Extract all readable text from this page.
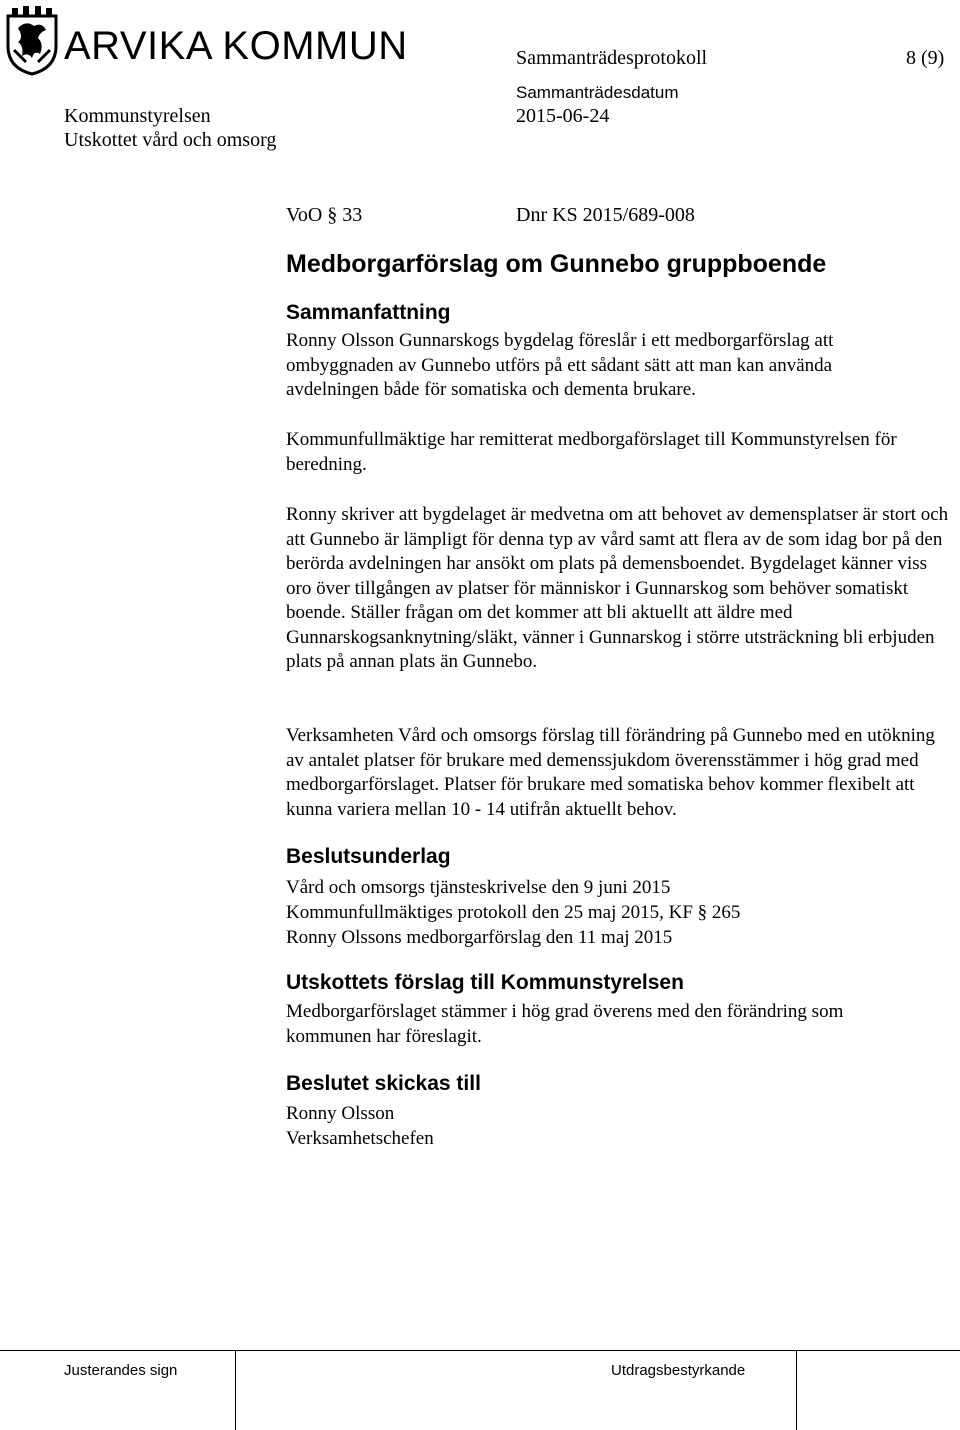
ARVIKA KOMMUN	Sammanträdesprotokoll	8 (9)
Kommunstyrelsen
Sammanträdesdatum
2015-06-24
Utskottet vård och omsorg
VoO § 33	Dnr KS 2015/689-008
Medborgarförslag om Gunnebo gruppboende
Sammanfattning

Ronny Olsson Gunnarskogs bygdelag föreslår i ett medborgarförslag att ombyggnaden av Gunnebo utförs på ett sådant sätt att man kan använda avdelningen både för somatiska och dementa brukare.

Kommunfullmäktige har remitterat medborgaförslaget till Kommunstyrelsen för beredning.

Ronny skriver att bygdelaget är medvetna om att behovet av demensplatser är stort och att Gunnebo är lämpligt för denna typ av vård samt att flera av de som idag bor på den berörda avdelningen har ansökt om plats på demensboendet. Bygdelaget känner viss oro över tillgången av platser för människor i Gunnarskog som behöver somatiskt boende. Ställer frågan om det kommer att bli aktuellt att äldre med Gunnarskogsanknytning/släkt, vänner i Gunnarskog i större utsträckning bli erbjuden plats på annan plats än Gunnebo.

Verksamheten Vård och omsorgs förslag till förändring på Gunnebo med en utökning av antalet platser för brukare med demenssjukdom överensstämmer i hög grad med medborgarförslaget. Platser för brukare med somatiska behov kommer flexibelt att kunna variera mellan 10 - 14 utifrån aktuellt behov.

Beslutsunderlag
Vård och omsorgs tjänsteskrivelse den 9 juni 2015
Kommunfullmäktiges protokoll den 25 maj 2015, KF § 265
Ronny Olssons medborgarförslag den 11 maj 2015
Utskottets förslag till Kommunstyrelsen

Medborgarförslaget stämmer i hög grad överens med den förändring som kommunen har föreslagit.

Beslutet skickas till
Ronny Olsson
Verksamhetschefen
Justerandes sign	Utdragsbestyrkande
